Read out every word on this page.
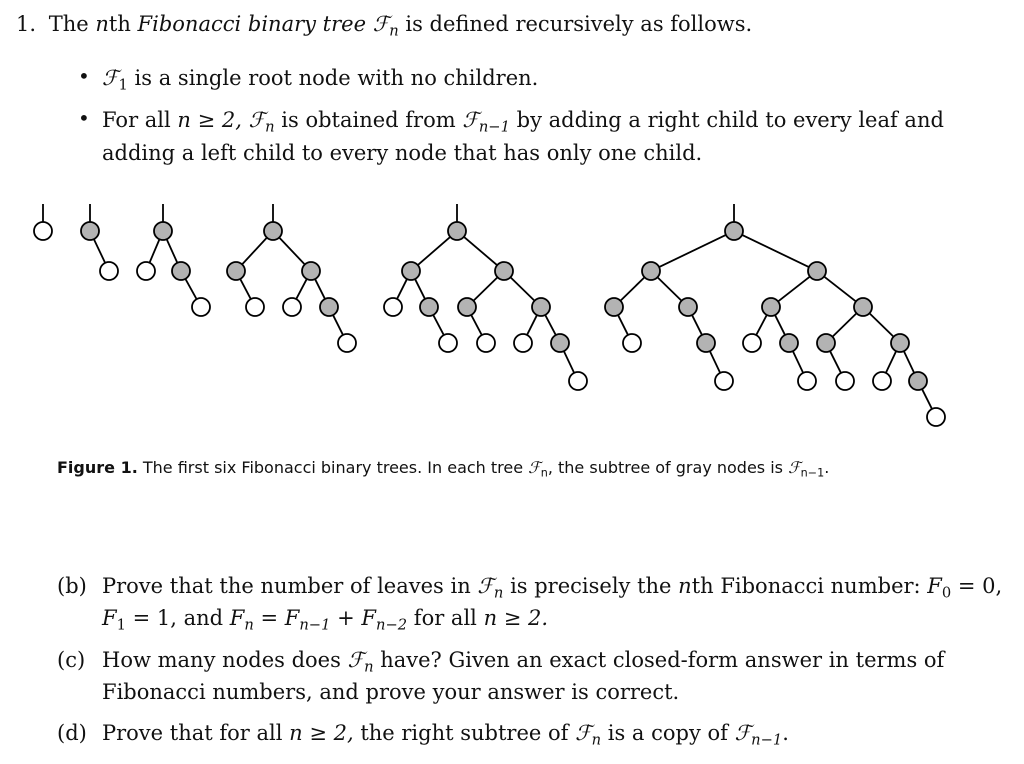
1. The nth Fibonacci binary tree ℱ$_n$ is defined recursively as follows.
• ℱ$_1$ is a single root node with no children.
• For all n ≥ 2, ℱ$_n$ is obtained from ℱ$_{n-1}$ by adding a right child to every leaf and
adding a left child to every node that has only one child.
Figure 1. The first six Fibonacci binary trees. In each tree ℱ$_n$, the subtree of gray nodes is ℱ$_{n-1}$.
(b) Prove that the number of leaves in ℱ$_n$ is precisely the nth Fibonacci number: $F_0 = 0$,
$F_1 = 1$, and $F_n = F_{n-1} + F_{n-2}$ for all n ≥ 2.
(c) How many nodes does ℱ$_n$ have? Given an exact closed-form answer in terms of
Fibonacci numbers, and prove your answer is correct.
(d) Prove that for all n ≥ 2, the right subtree of ℱ$_n$ is a copy of ℱ$_{n-1}$.
